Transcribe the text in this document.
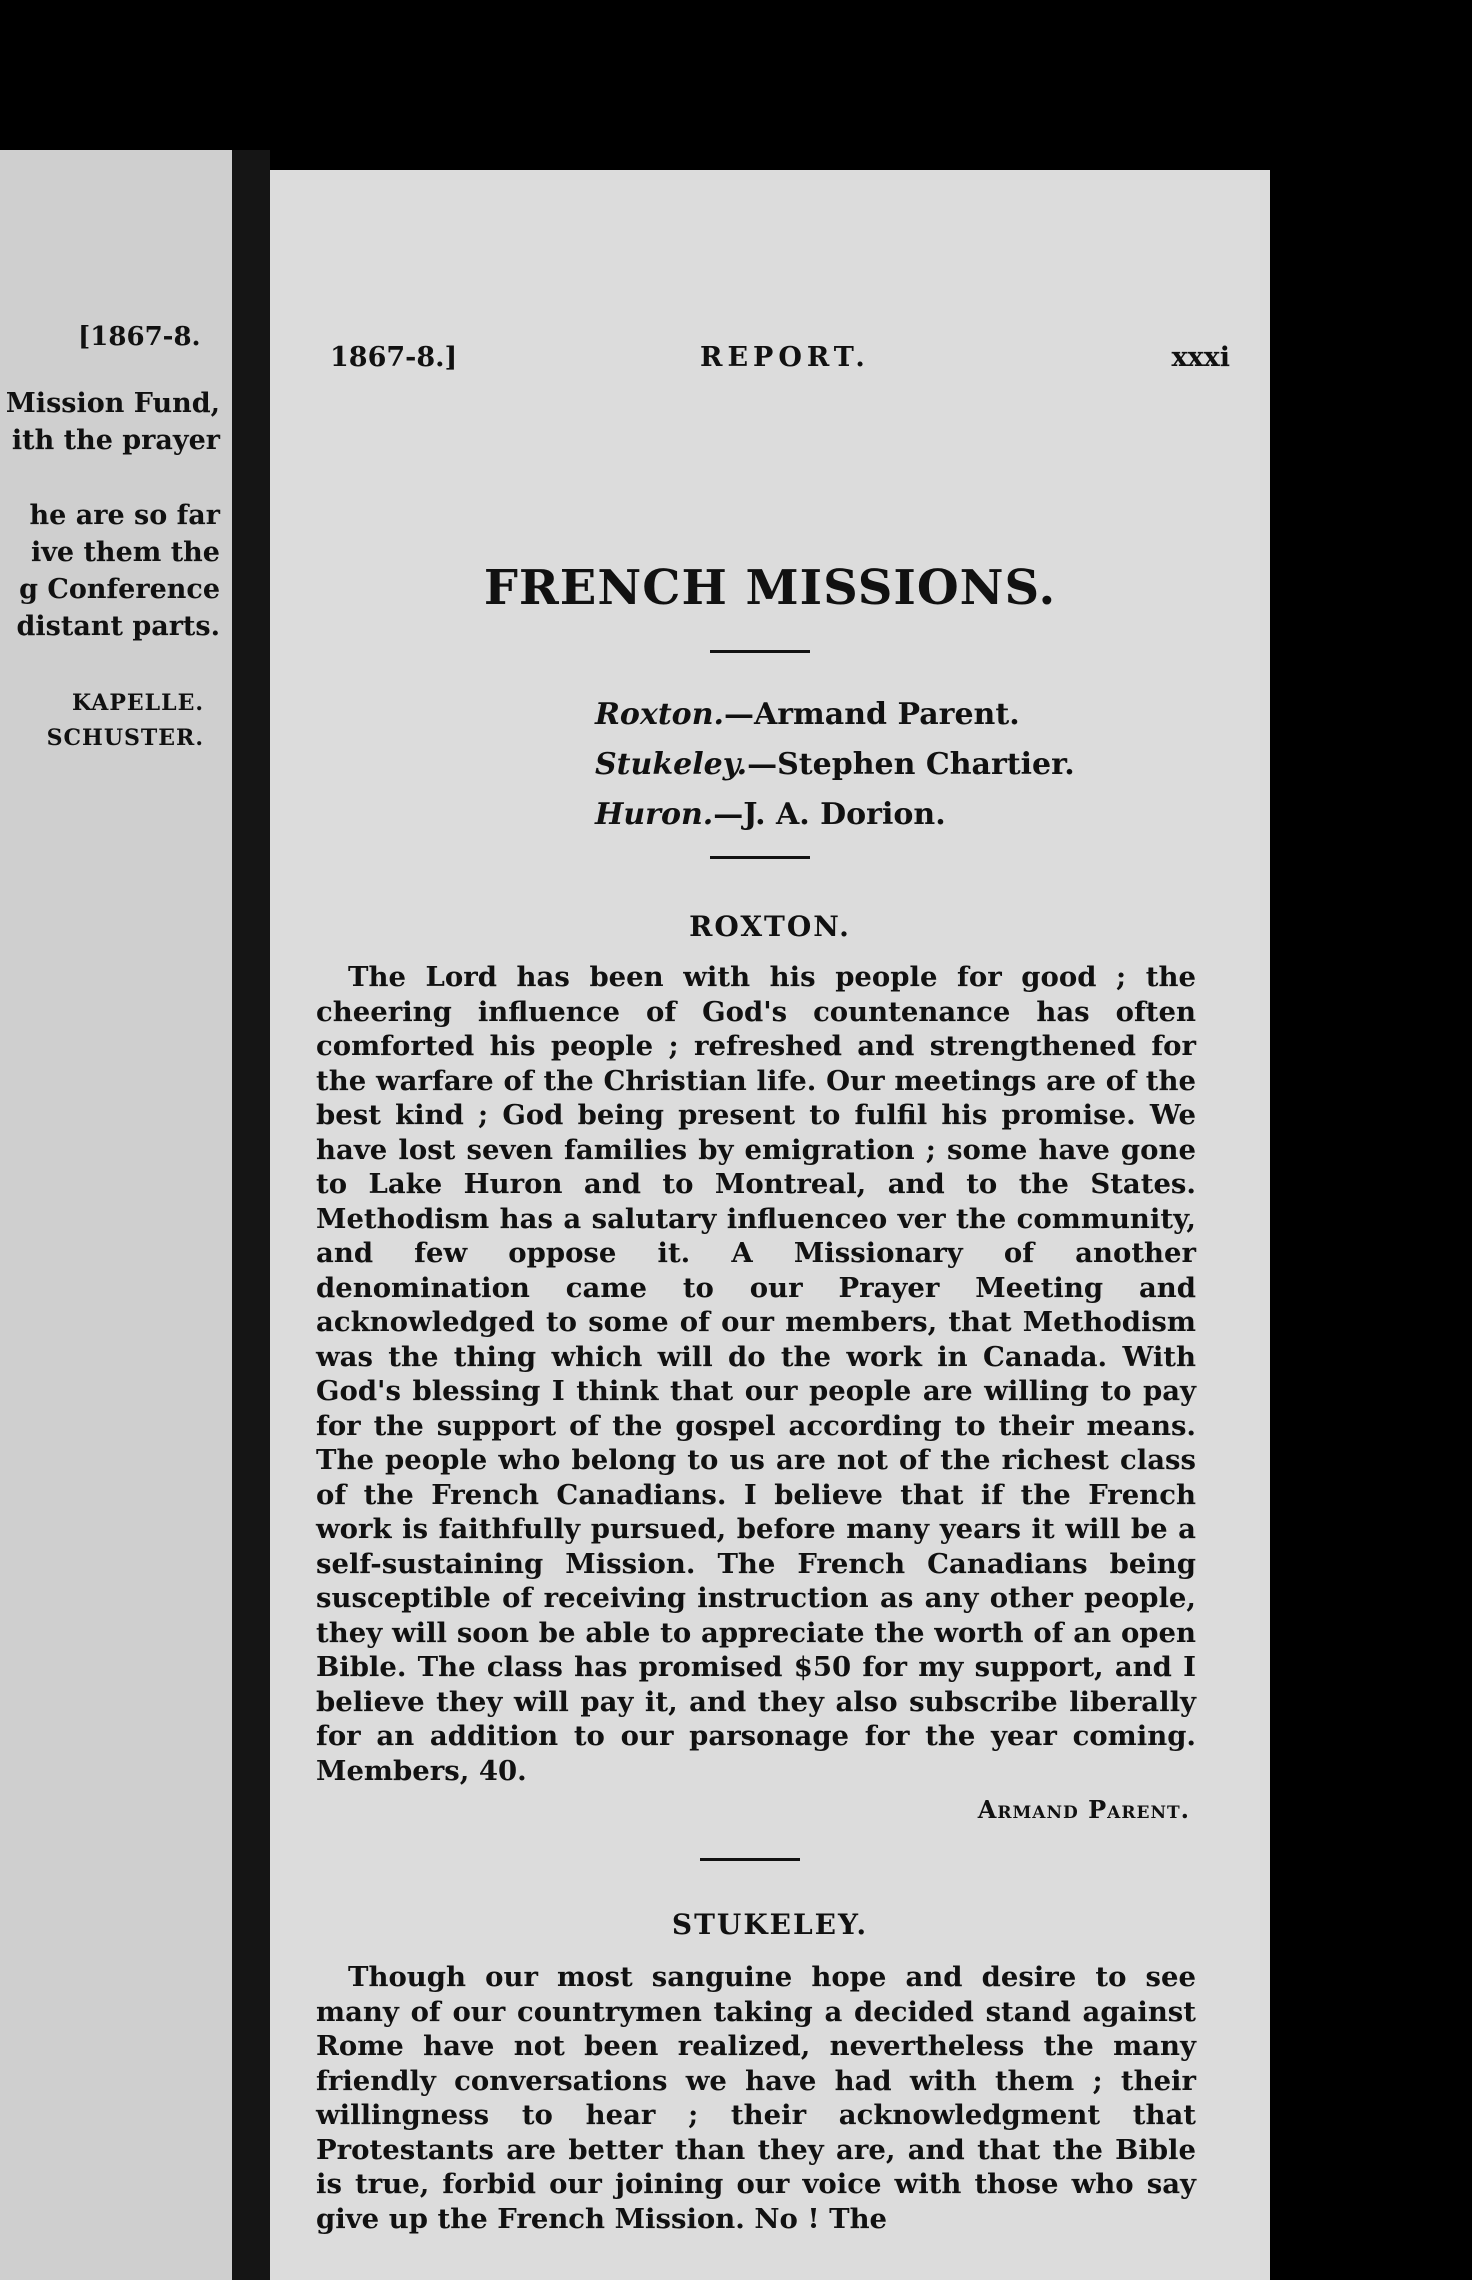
[1867-8.
Mission Fund,
ith the prayer
he are so far
ive them the
g Conference
distant parts.
KAPELLE.
SCHUSTER.
1867-8.]	REPORT.	xxxi
FRENCH MISSIONS.
Roxton.—Armand Parent.
Stukeley.—Stephen Chartier.
Huron.—J. A. Dorion.
ROXTON.
The Lord has been with his people for good ; the cheering influence of God's countenance has often comforted his people ; refreshed and strengthened for the warfare of the Christian life. Our meetings are of the best kind ; God being present to fulfil his promise. We have lost seven families by emigration ; some have gone to Lake Huron and to Montreal, and to the States. Methodism has a salutary influenceo ver the community, and few oppose it. A Missionary of another denomination came to our Prayer Meeting and acknowledged to some of our members, that Methodism was the thing which will do the work in Canada. With God's blessing I think that our people are willing to pay for the support of the gospel according to their means. The people who belong to us are not of the richest class of the French Canadians. I believe that if the French work is faithfully pursued, before many years it will be a self-sustaining Mission. The French Canadians being susceptible of receiving instruction as any other people, they will soon be able to appreciate the worth of an open Bible. The class has promised $50 for my support, and I believe they will pay it, and they also subscribe liberally for an addition to our parsonage for the year coming. Members, 40.
Armand Parent.
STUKELEY.
Though our most sanguine hope and desire to see many of our countrymen taking a decided stand against Rome have not been realized, nevertheless the many friendly conversations we have had with them ; their willingness to hear ; their acknowledgment that Protestants are better than they are, and that the Bible is true, forbid our joining our voice with those who say give up the French Mission. No ! The
